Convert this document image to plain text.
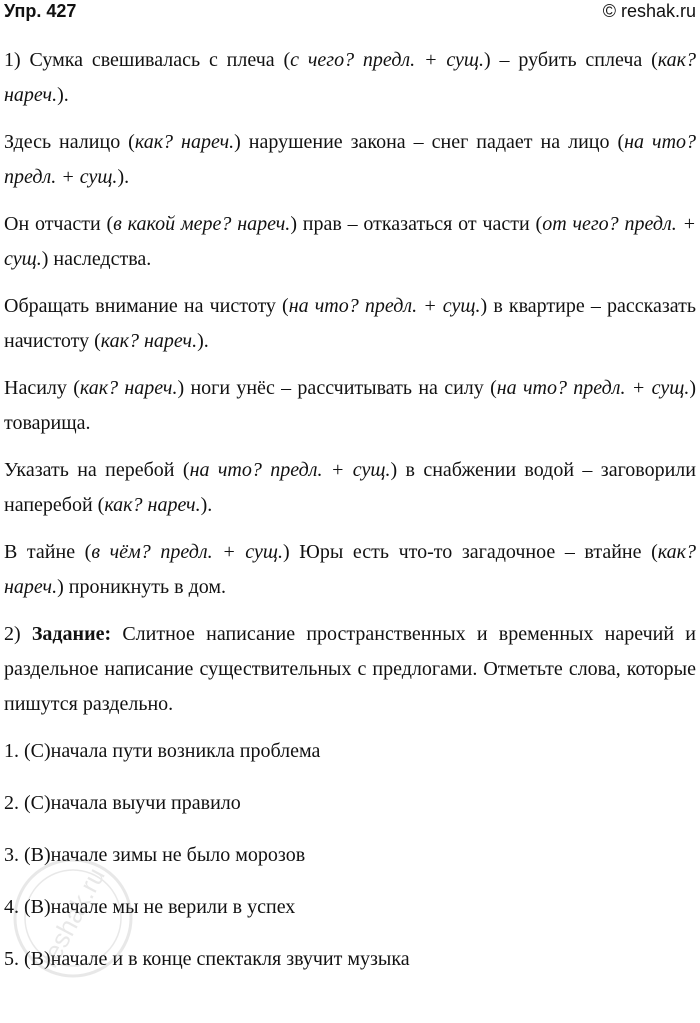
Упр. 427	© reshak.ru

1) Сумка свешивалась с плеча (с чего? предл. + сущ.) – рубить сплеча (как? нареч.).

Здесь налицо (как? нареч.) нарушение закона – снег падает на лицо (на что? предл. + сущ.).

Он отчасти (в какой мере? нареч.) прав – отказаться от части (от чего? предл. + сущ.) наследства.

Обращать внимание на чистоту (на что? предл. + сущ.) в квартире – рассказать начистоту (как? нареч.).

Насилу (как? нареч.) ноги унёс – рассчитывать на силу (на что? предл. + сущ.) товарища.

Указать на перебой (на что? предл. + сущ.) в снабжении водой – заговорили наперебой (как? нареч.).

В тайне (в чём? предл. + сущ.) Юры есть что-то загадочное – втайне (как? нареч.) проникнуть в дом.

2) Задание: Слитное написание пространственных и временных наречий и раздельное написание существительных с предлогами. Отметьте слова, которые пишутся раздельно.

1. (С)начала пути возникла проблема

2. (С)начала выучи правило

3. (В)начале зимы не было морозов

4. (В)начале мы не верили в успех

5. (В)начале и в конце спектакля звучит музыка

reshak.ru
